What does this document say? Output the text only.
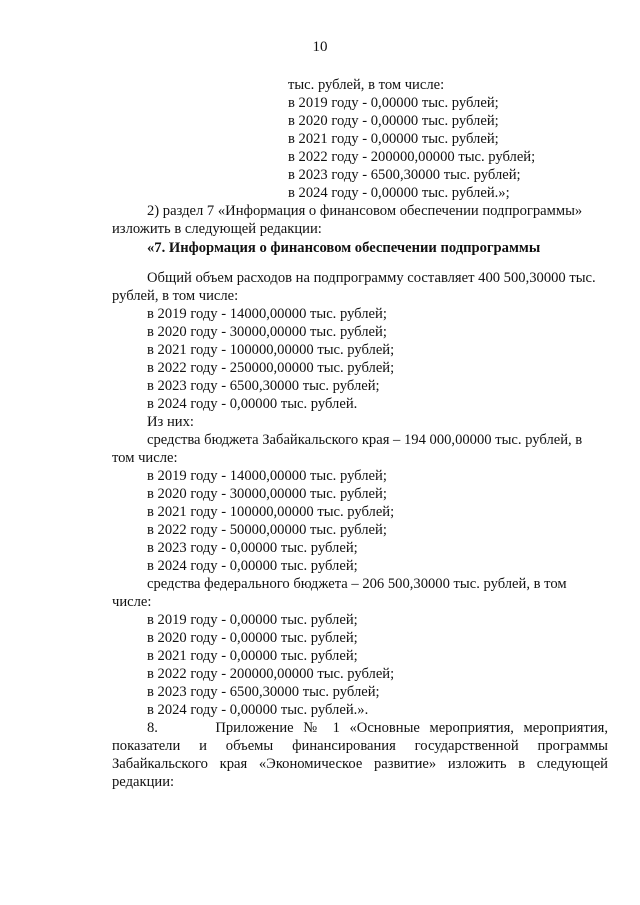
10
тыс. рублей, в том числе:
в 2019 году - 0,00000 тыс. рублей;
в 2020 году - 0,00000 тыс. рублей;
в 2021 году - 0,00000 тыс. рублей;
в 2022 году - 200000,00000 тыс. рублей;
в 2023 году - 6500,30000 тыс. рублей;
в 2024 году - 0,00000 тыс. рублей.»;
2) раздел 7 «Информация о финансовом обеспечении подпрограммы»
изложить в следующей редакции:
«7. Информация о финансовом обеспечении подпрограммы
Общий объем расходов на подпрограмму составляет 400 500,30000 тыс.
рублей, в том числе:
в 2019 году - 14000,00000 тыс. рублей;
в 2020 году - 30000,00000 тыс. рублей;
в 2021 году - 100000,00000 тыс. рублей;
в 2022 году - 250000,00000 тыс. рублей;
в 2023 году - 6500,30000 тыс. рублей;
в 2024 году - 0,00000 тыс. рублей.
Из них:
средства бюджета Забайкальского края – 194 000,00000 тыс. рублей, в
том числе:
в 2019 году - 14000,00000 тыс. рублей;
в 2020 году - 30000,00000 тыс. рублей;
в 2021 году - 100000,00000 тыс. рублей;
в 2022 году - 50000,00000 тыс. рублей;
в 2023 году - 0,00000 тыс. рублей;
в 2024 году - 0,00000 тыс. рублей;
средства федерального бюджета – 206 500,30000 тыс. рублей, в том
числе:
в 2019 году - 0,00000 тыс. рублей;
в 2020 году - 0,00000 тыс. рублей;
в 2021 году - 0,00000 тыс. рублей;
в 2022 году - 200000,00000 тыс. рублей;
в 2023 году - 6500,30000 тыс. рублей;
в 2024 году - 0,00000 тыс. рублей.».
8.      Приложение № 1 «Основные мероприятия, мероприятия,
показатели и объемы финансирования государственной программы
Забайкальского края «Экономическое развитие» изложить в следующей
редакции:
